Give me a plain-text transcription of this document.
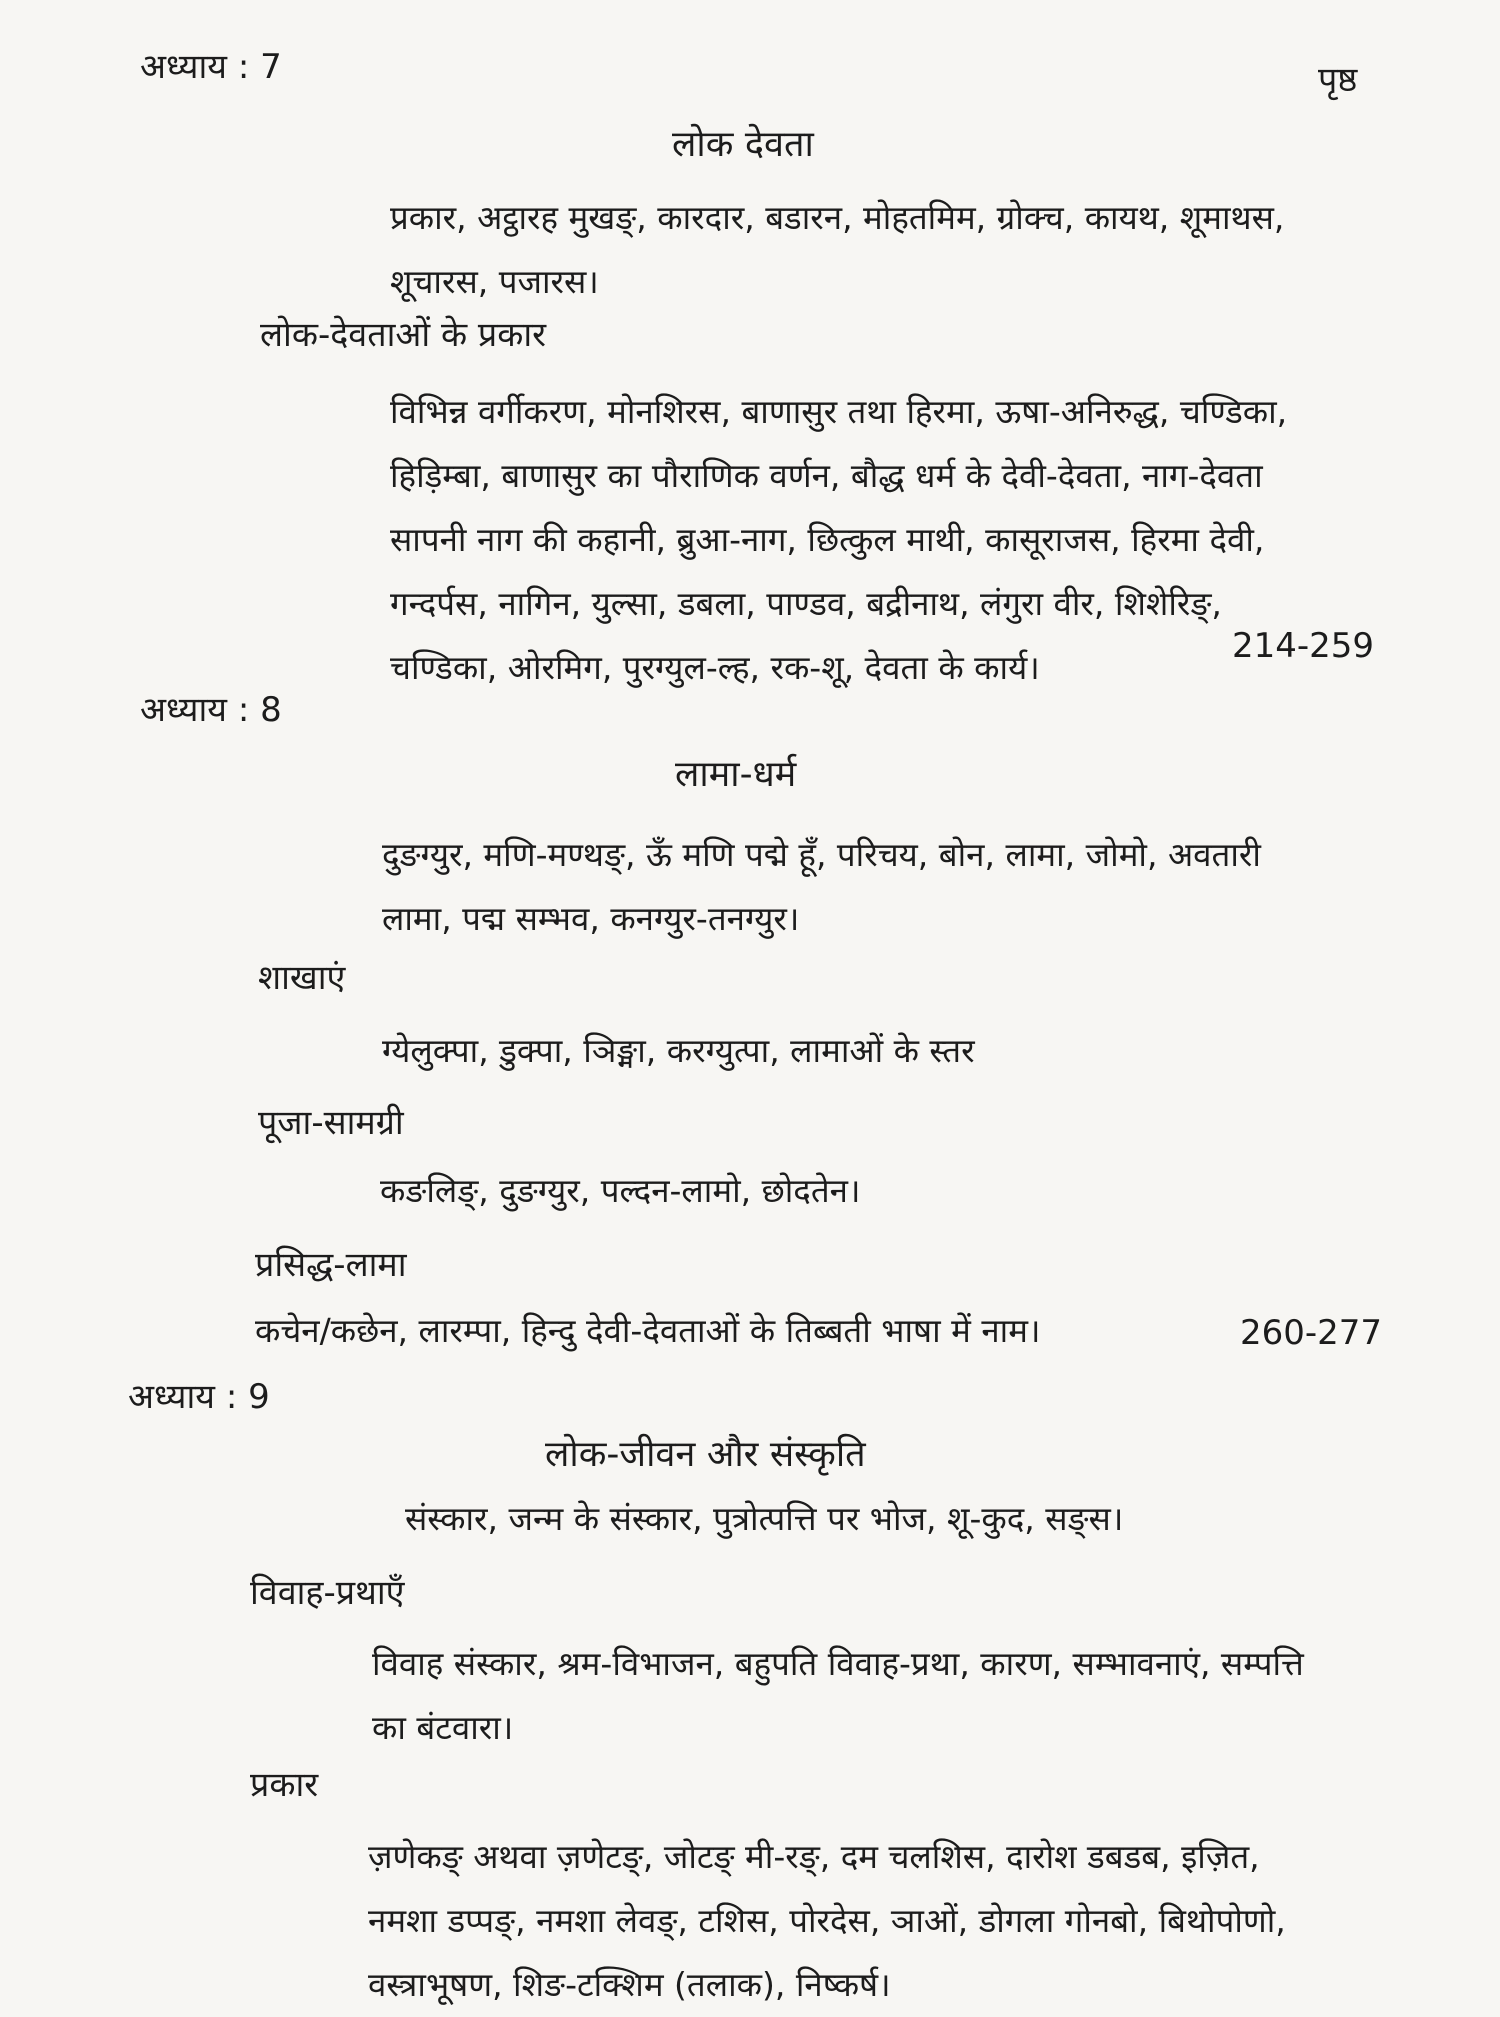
अध्याय : 7	पृष्ठ
लोक देवता
प्रकार, अट्ठारह मुखङ्, कारदार, बडारन, मोहतमिम, ग्रोक्च, कायथ, शूमाथस,
शूचारस, पजारस।
लोक-देवताओं के प्रकार
विभिन्न वर्गीकरण, मोनशिरस, बाणासुर तथा हिरमा, ऊषा-अनिरुद्ध, चण्डिका,
हिड़िम्बा, बाणासुर का पौराणिक वर्णन, बौद्ध धर्म के देवी-देवता, नाग-देवता
सापनी नाग की कहानी, ब्रुआ-नाग, छित्कुल माथी, कासूराजस, हिरमा देवी,
गन्दर्पस, नागिन, युल्सा, डबला, पाण्डव, बद्रीनाथ, लंगुरा वीर, शिशेरिङ्,
चण्डिका, ओरमिग, पुरग्युल-ल्ह, रक-शू, देवता के कार्य।
214-259
अध्याय : 8
लामा-धर्म
दुङग्युर, मणि-मण्थङ्, ऊँ मणि पद्मे हूँ, परिचय, बोन, लामा, जोमो, अवतारी
लामा, पद्म सम्भव, कनग्युर-तनग्युर।
शाखाएं
ग्येलुक्पा, डुक्पा, ञिङ्मा, करग्युत्पा, लामाओं के स्तर
पूजा-सामग्री
कङलिङ्, दुङग्युर, पल्दन-लामो, छोदतेन।
प्रसिद्ध-लामा
कचेन/कछेन, लारम्पा, हिन्दु देवी-देवताओं के तिब्बती भाषा में नाम।	260-277
अध्याय : 9
लोक-जीवन और संस्कृति
संस्कार, जन्म के संस्कार, पुत्रोत्पत्ति पर भोज, शू-कुद, सङ्स।
विवाह-प्रथाएँ
विवाह संस्कार, श्रम-विभाजन, बहुपति विवाह-प्रथा, कारण, सम्भावनाएं, सम्पत्ति
का बंटवारा।
प्रकार
ज़णेकङ् अथवा ज़णेटङ्, जोटङ् मी-रङ्, दम चलशिस, दारोश डबडब, इज़ित,
नमशा डप्पङ्, नमशा लेवङ्, टशिस, पोरदेस, ञाओं, डोगला गोनबो, बिथोपोणो,
वस्त्राभूषण, शिङ-टक्शिम (तलाक), निष्कर्ष।
